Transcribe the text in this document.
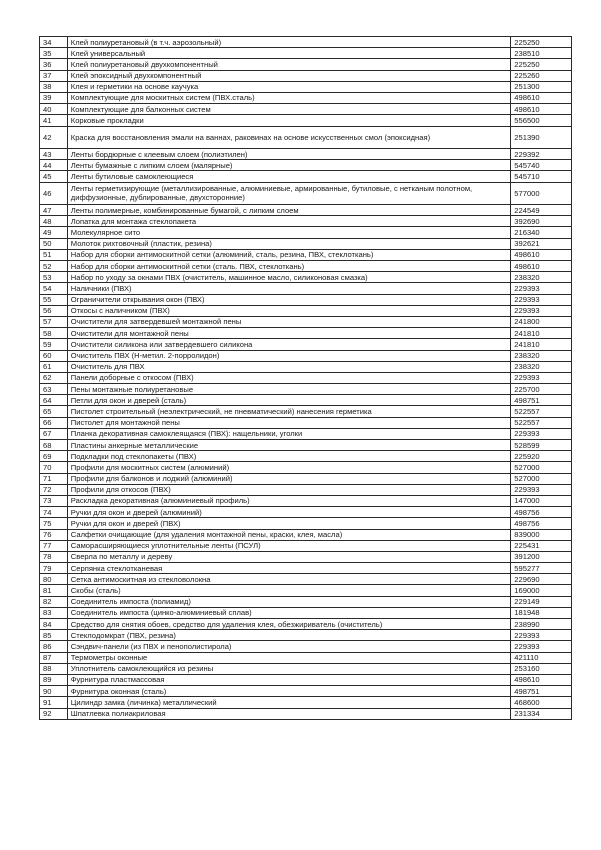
34	Клей полиуретановый (в т.ч. аэрозольный)	225250
35	Клей универсальный	238510
36	Клей полиуретановый двухкомпонентный	225250
37	Клей эпоксидный двухкомпонентный	225260
38	Клея и герметики на основе каучука	251300
39	Комплектующие для москитных систем (ПВХ.сталь)	498610
40	Комплектующие для балконных систем	498610
41	Корковые прокладки	556500
42	Краска для восстановления эмали на ваннах, раковинах на основе искусственных смол (эпоксидная)	251390
43	Ленты бордюрные с клеевым слоем (полиэтилен)	229392
44	Ленты бумажные с липким слоем (малярные)	545740
45	Ленты бутиловые самоклеющиеся	545710
46	Ленты герметизирующие (металлизированные, алюминиевые, армированные, бутиловые, с нетканым полотном, диффузионные, дублированные, двухсторонние)	577000
47	Ленты полимерные, комбинированные бумагой, с липким слоем	224549
48	Лопатка для монтажа стеклопакета	392690
49	Молекулярное сито	216340
50	Молоток рихтовочный (пластик, резина)	392621
51	Набор для сборки антимоскитной сетки (алюминий, сталь, резина, ПВХ, стеклоткань)	498610
52	Набор для сборки антимоскитной сетки (сталь. ПВХ, стеклоткань)	498610
53	Набор по уходу за окнами ПВХ (очиститель, машинное масло, силиконовая смазка)	238320
54	Наличники (ПВХ)	229393
55	Ограничители открывания окон (ПВХ)	229393
56	Откосы с наличником (ПВХ)	229393
57	Очистители для затвердевшей монтажной пены	241800
58	Очистители для монтажной пены	241810
59	Очистители силикона или затвердевшего силикона	241810
60	Очиститель ПВХ (Н-метил. 2-порролидон)	238320
61	Очиститель для ПВХ	238320
62	Панели доборные с откосом (ПВХ)	229393
63	Пены монтажные полиуретановые	225700
64	Петли для окон и дверей (сталь)	498751
65	Пистолет строительный (неэлектрический, не пневматический) нанесения герметика	522557
66	Пистолет для монтажной пены	522557
67	Планка декоративная самоклеящаяся (ПВХ): нащельники, уголки	229393
68	Пластины анкерные металлические	528599
69	Подкладки под стеклопакеты (ПВХ)	225920
70	Профили для москитных систем (алюминий)	527000
71	Профили для балконов и лоджий (алюминий)	527000
72	Профили для откосов (ПВХ)	229393
73	Раскладка декоративная (алюминиевый профиль)	147000
74	Ручки для окон и дверей (алюминий)	498756
75	Ручки для окон и дверей (ПВХ)	498756
76	Салфетки очищающие (для удаления монтажной пены, краски, клея, масла)	839000
77	Саморасширяющиеся уплотнительные ленты (ПСУЛ)	225431
78	Сверла по металлу и дереву	391200
79	Серпянка стеклотканевая	595277
80	Сетка антимоскитная из стекловолокна	229690
81	Скобы (сталь)	169000
82	Соединитель импоста (полиамид)	229149
83	Соединитель импоста (цинко-алюминиевый сплав)	181948
84	Средство для снятия обоев, средство для удаления клея, обезжириватель (очиститель)	238990
85	Стеклодомкрат (ПВХ, резина)	229393
86	Сэндвич-панели (из ПВХ и пенополистирола)	229393
87	Термометры оконные	421110
88	Уплотнитель самоклеющийся из резины	253160
89	Фурнитура пластмассовая	498610
90	Фурнитура оконная (сталь)	498751
91	Цилиндр замка (личинка) металлический	468600
92	Шпатлевка полиакриловая	231334
